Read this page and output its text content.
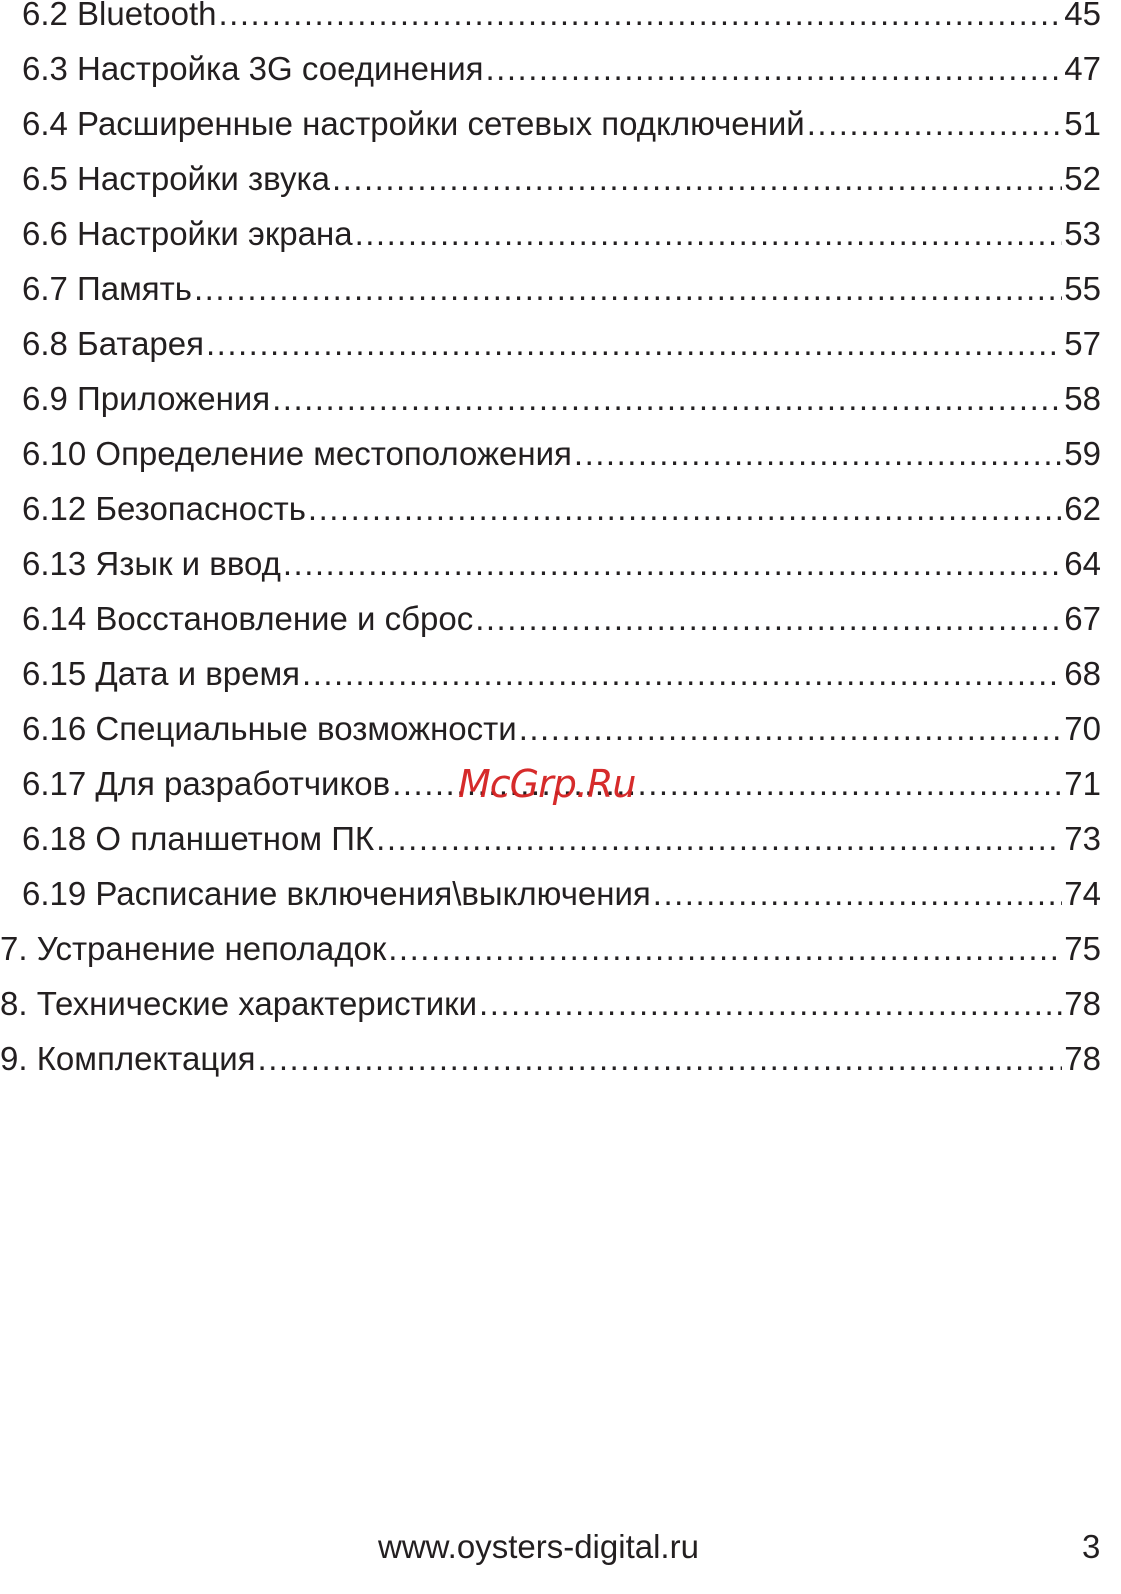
6.2 Bluetooth .....	45
6.3 Настройка 3G соединения .....	47
6.4 Расширенные настройки сетевых подключений .....	51
6.5 Настройки звука .....	52
6.6 Настройки экрана .....	53
6.7 Память .....	55
6.8 Батарея .....	57
6.9 Приложения .....	58
6.10 Определение местоположения .....	59
6.12 Безопасность .....	62
6.13 Язык и ввод .....	64
6.14 Восстановление и сброс .....	67
6.15 Дата и время .....	68
6.16 Специальные возможности .....	70
6.17 Для разработчиков .....	71
6.18 О планшетном ПК .....	73
6.19 Расписание включения\выключения .....	74
7. Устранение неполадок .....	75
8. Технические характеристики .....	78
9. Комплектация .....	78
McGrp.Ru
www.oysters-digital.ru	3
